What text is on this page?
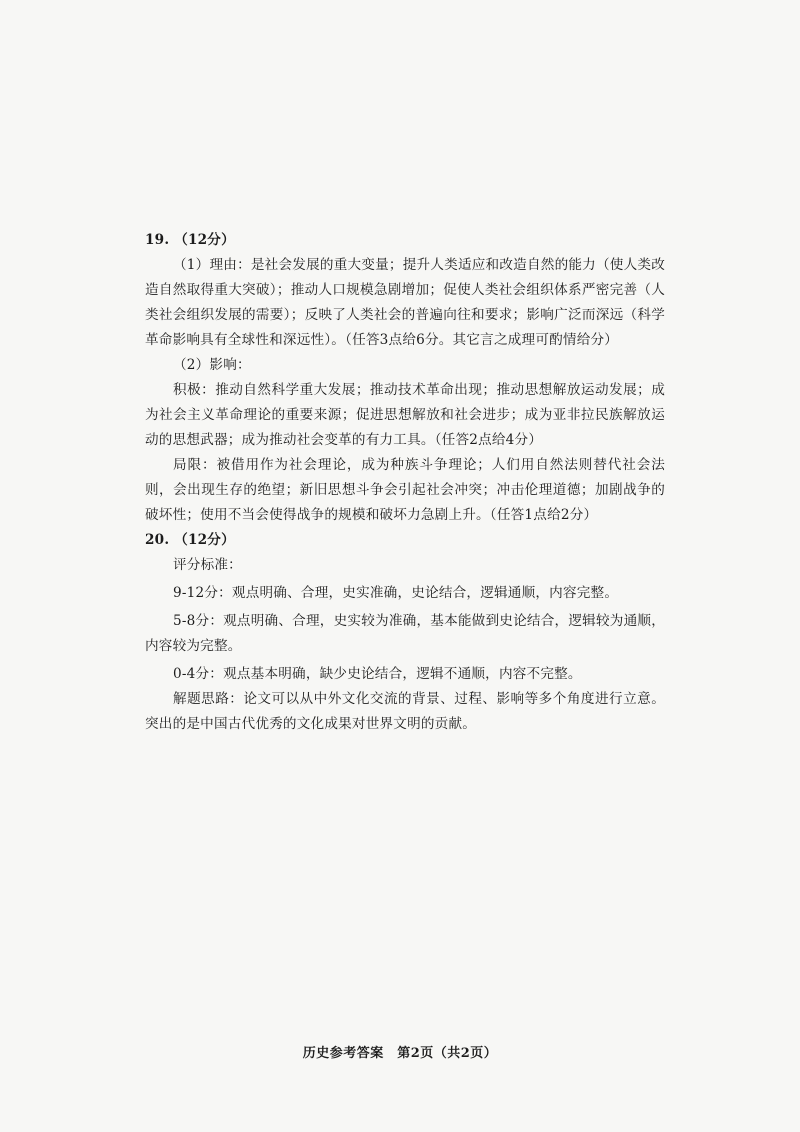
19. （12分）

（1）理由：是社会发展的重大变量；提升人类适应和改造自然的能力（使人类改造自然取得重大突破）；推动人口规模急剧增加；促使人类社会组织体系严密完善（人类社会组织发展的需要）；反映了人类社会的普遍向往和要求；影响广泛而深远（科学革命影响具有全球性和深远性）。（任答3点给6分。其它言之成理可酌情给分）

（2）影响：

积极：推动自然科学重大发展；推动技术革命出现；推动思想解放运动发展；成为社会主义革命理论的重要来源；促进思想解放和社会进步；成为亚非拉民族解放运动的思想武器；成为推动社会变革的有力工具。（任答2点给4分）

局限：被借用作为社会理论，成为种族斗争理论；人们用自然法则替代社会法则，会出现生存的绝望；新旧思想斗争会引起社会冲突；冲击伦理道德；加剧战争的破坏性；使用不当会使得战争的规模和破坏力急剧上升。（任答1点给2分）

20. （12分）

评分标准：

9-12分：观点明确、合理，史实准确，史论结合，逻辑通顺，内容完整。

5-8分：观点明确、合理，史实较为准确，基本能做到史论结合，逻辑较为通顺，内容较为完整。

0-4分：观点基本明确，缺少史论结合，逻辑不通顺，内容不完整。

解题思路：论文可以从中外文化交流的背景、过程、影响等多个角度进行立意。突出的是中国古代优秀的文化成果对世界文明的贡献。

历史参考答案　第2页（共2页）
